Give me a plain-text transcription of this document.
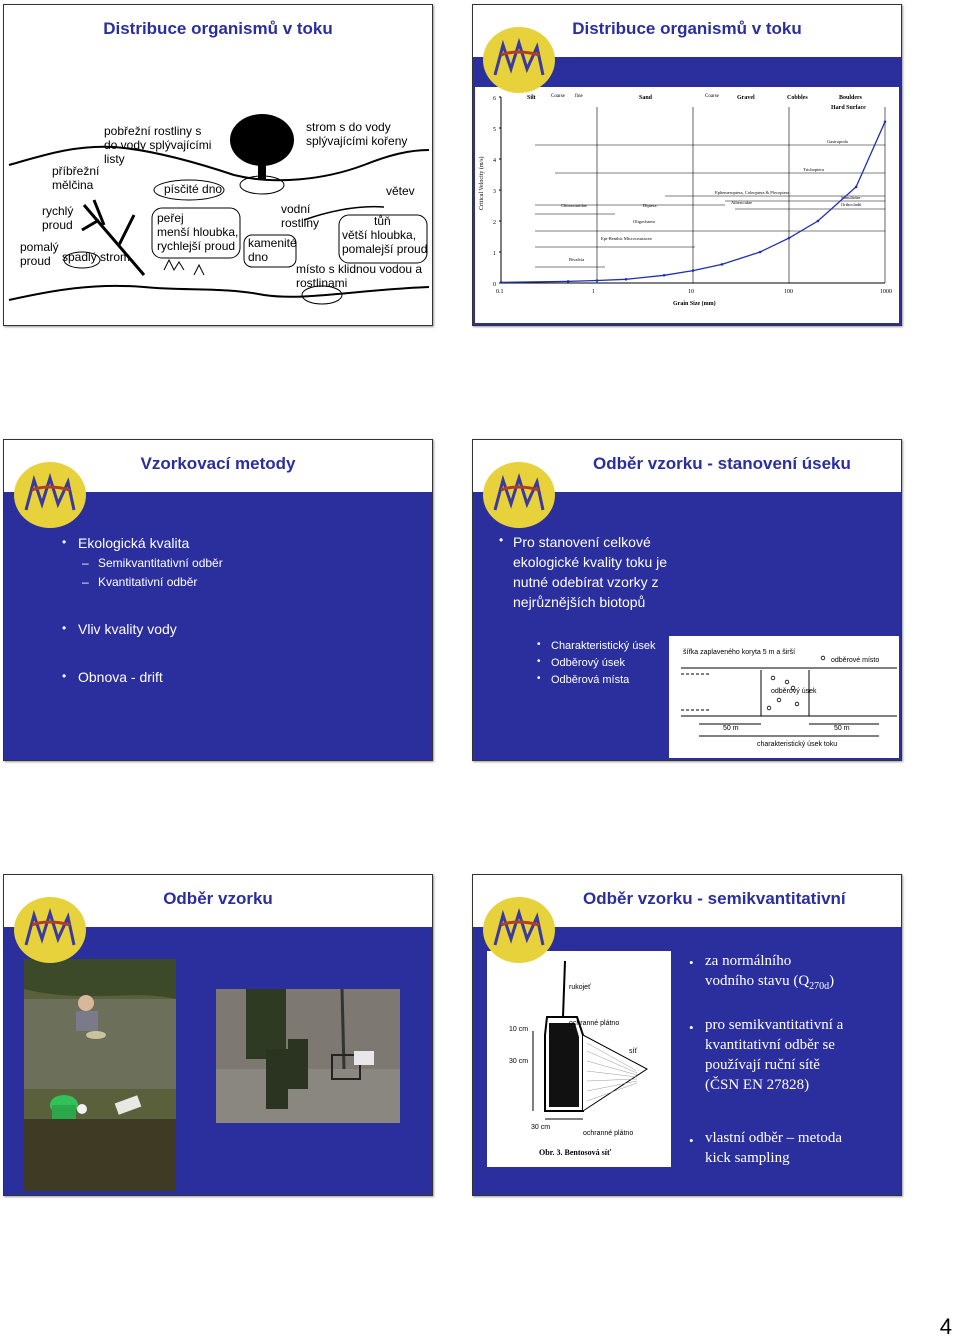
Distribuce organismů v toku
pobřežní rostliny s
do vody splývajícími
listy
strom s do vody
splývajícími kořeny
příbřežní
mělčina	písčité dno	větev
rychlý
proud	peřej
menší hloubka,
rychlejší proud
vodní
rostliny	tůň
větší hloubka,
pomalejší proud
pomalý
proud spadlý strom
kamenité
dno
místo s klidnou vodou a
rostlinami
Distribuce organismů v toku
0
1
2
3
4
5
6
0.1	1	10	100	1000
Grain Size (mm)
Critical Velocity (m/s)
Silt	Coarse fine	Sand	Coarse	Gravel	Cobbles	Boulders
Hard Surface
Gastropoda
Trichoptera
Ephemeroptera, Coleoptera & Plecoptera
Simuliidae
Orthocladii
Athericidae
Chironomidae	Diptera
Oligochaeta
Epi-Benthic Microcrustacea
Bivalvia
Vzorkovací metody
• Ekologická kvalita
– Semikvantitativní odběr
– Kvantitativní odběr
• Vliv kvality vody
• Obnova - drift
Odběr vzorku - stanovení úseku
• Pro stanovení celkové
ekologické kvality toku je
nutné odebírat vzorky z
nejrůznějších biotopů
• Charakteristický úsek
• Odběrový úsek
• Odběrová místa
šířka zaplaveného koryta 5 m a širší
odběrové místo
odběrový úsek
50 m	50 m
charakteristický úsek toku
Odběr vzorku	Odběr vzorku - semikvantitativní
rukojeť
ochranné plátno
síť
10 cm
30 cm
30 cm
ochranné plátno
Obr. 3. Bentosová síť
• za normálního
vodního stavu $(Q_{270d})$
• pro semikvantitativní a
kvantitativní odběr se
používají ruční sítě
(ČSN EN 27828)
• vlastní odběr – metoda
kick sampling
4
